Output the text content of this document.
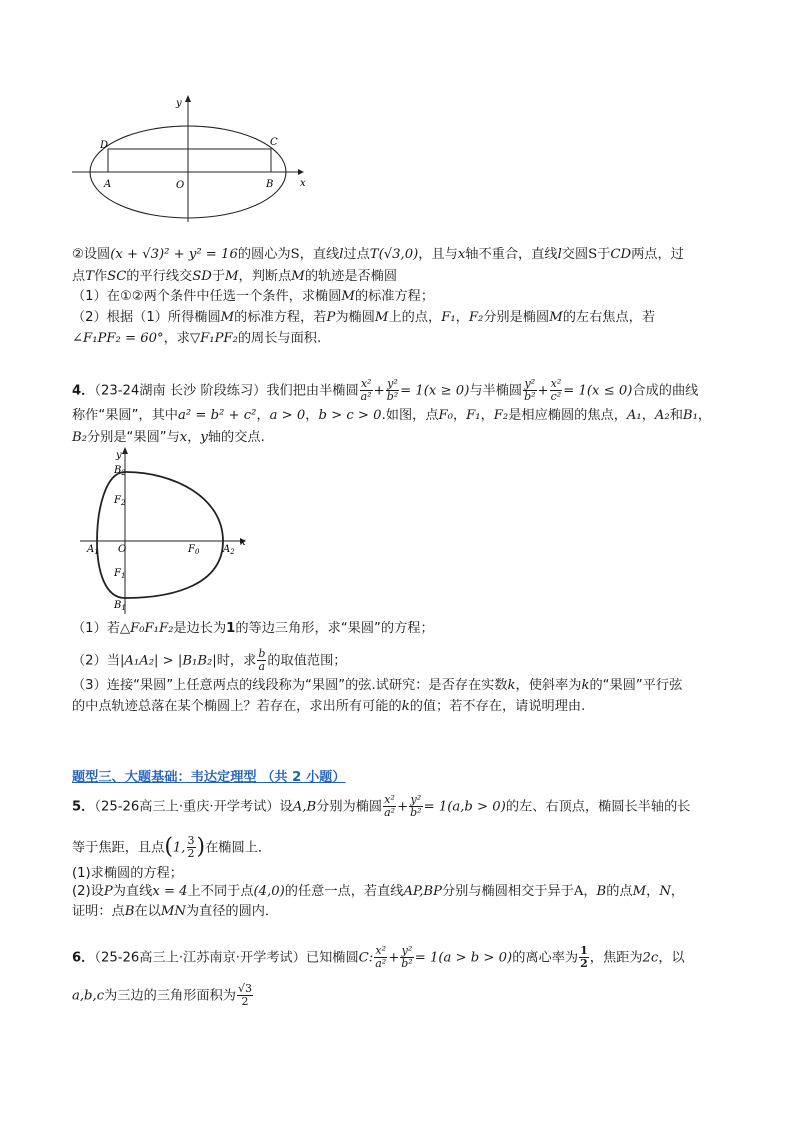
y
x
O
A	B
C
D
②设圆(x + √3)² + y² = 16的圆心为S，直线l过点T(√3,0)，且与x轴不重合，直线l交圆S于CD两点，过
点T作SC的平行线交SD于M，判断点M的轨迹是否椭圆
（1）在①②两个条件中任选一个条件，求椭圆M的标准方程；
（2）根据（1）所得椭圆M的标准方程，若P为椭圆M上的点，F₁，F₂分别是椭圆M的左右焦点，若
∠F₁PF₂ = 60°，求▽F₁PF₂的周长与面积.
4．（23-24湖南 长沙 阶段练习）我们把由半椭圆 $\frac{\text{x²}}{\text{a²}} + \frac{\text{y²}}{\text{b²}} = 1(x \ge 0)$与半椭圆 $\frac{\text{y²}}{\text{b²}} + \frac{\text{x²}}{\text{c²}} = 1(x \le 0)$合成的曲线
称作“果圆”，其中a² = b² + c²，a > 0，b > c > 0.如图，点F₀，F₁，F₂是相应椭圆的焦点，A₁，A₂和B₁，
B₂分别是“果圆”与x，y轴的交点.
y
x
O
$B_2$
$F_2$
$F_1$
$B_1$
$A_1$	$F_0$ $A_2$
（1）若△F₀F₁F₂是边长为1的等边三角形，求“果圆”的方程；
（2）当|A₁A₂| > |B₁B₂|时，求 $\frac{b}{a}$ 的取值范围；
（3）连接“果圆”上任意两点的线段称为“果圆”的弦.试研究：是否存在实数k，使斜率为k的“果圆”平行弦
的中点轨迹总落在某个椭圆上？若存在，求出所有可能的k的值；若不存在，请说明理由.
题型三、大题基础：韦达定理型 （共 2 小题）
5．（25-26高三上·重庆·开学考试）设A,B分别为椭圆 $\frac{\text{x²}}{\text{a²}} + \frac{\text{y²}}{\text{b²}} = 1(a,b > 0)$的左、右顶点，椭圆长半轴的长
等于焦距，且点(1, $\frac{3}{2}$ )在椭圆上．
(1)求椭圆的方程；
(2)设P为直线x = 4上不同于点(4,0)的任意一点，若直线AP,BP分别与椭圆相交于异于A，B的点M，N，
证明：点B在以MN为直径的圆内．
6．（25-26高三上·江苏南京·开学考试）已知椭圆C: $\frac{\text{x²}}{\text{a²}} + \frac{\text{y²}}{\text{b²}} = 1(a > b > 0)$的离心率为 $\frac{1}{2}$ ，焦距为2c，以
a,b,c为三边的三角形面积为 $\frac{√3}{2}$
